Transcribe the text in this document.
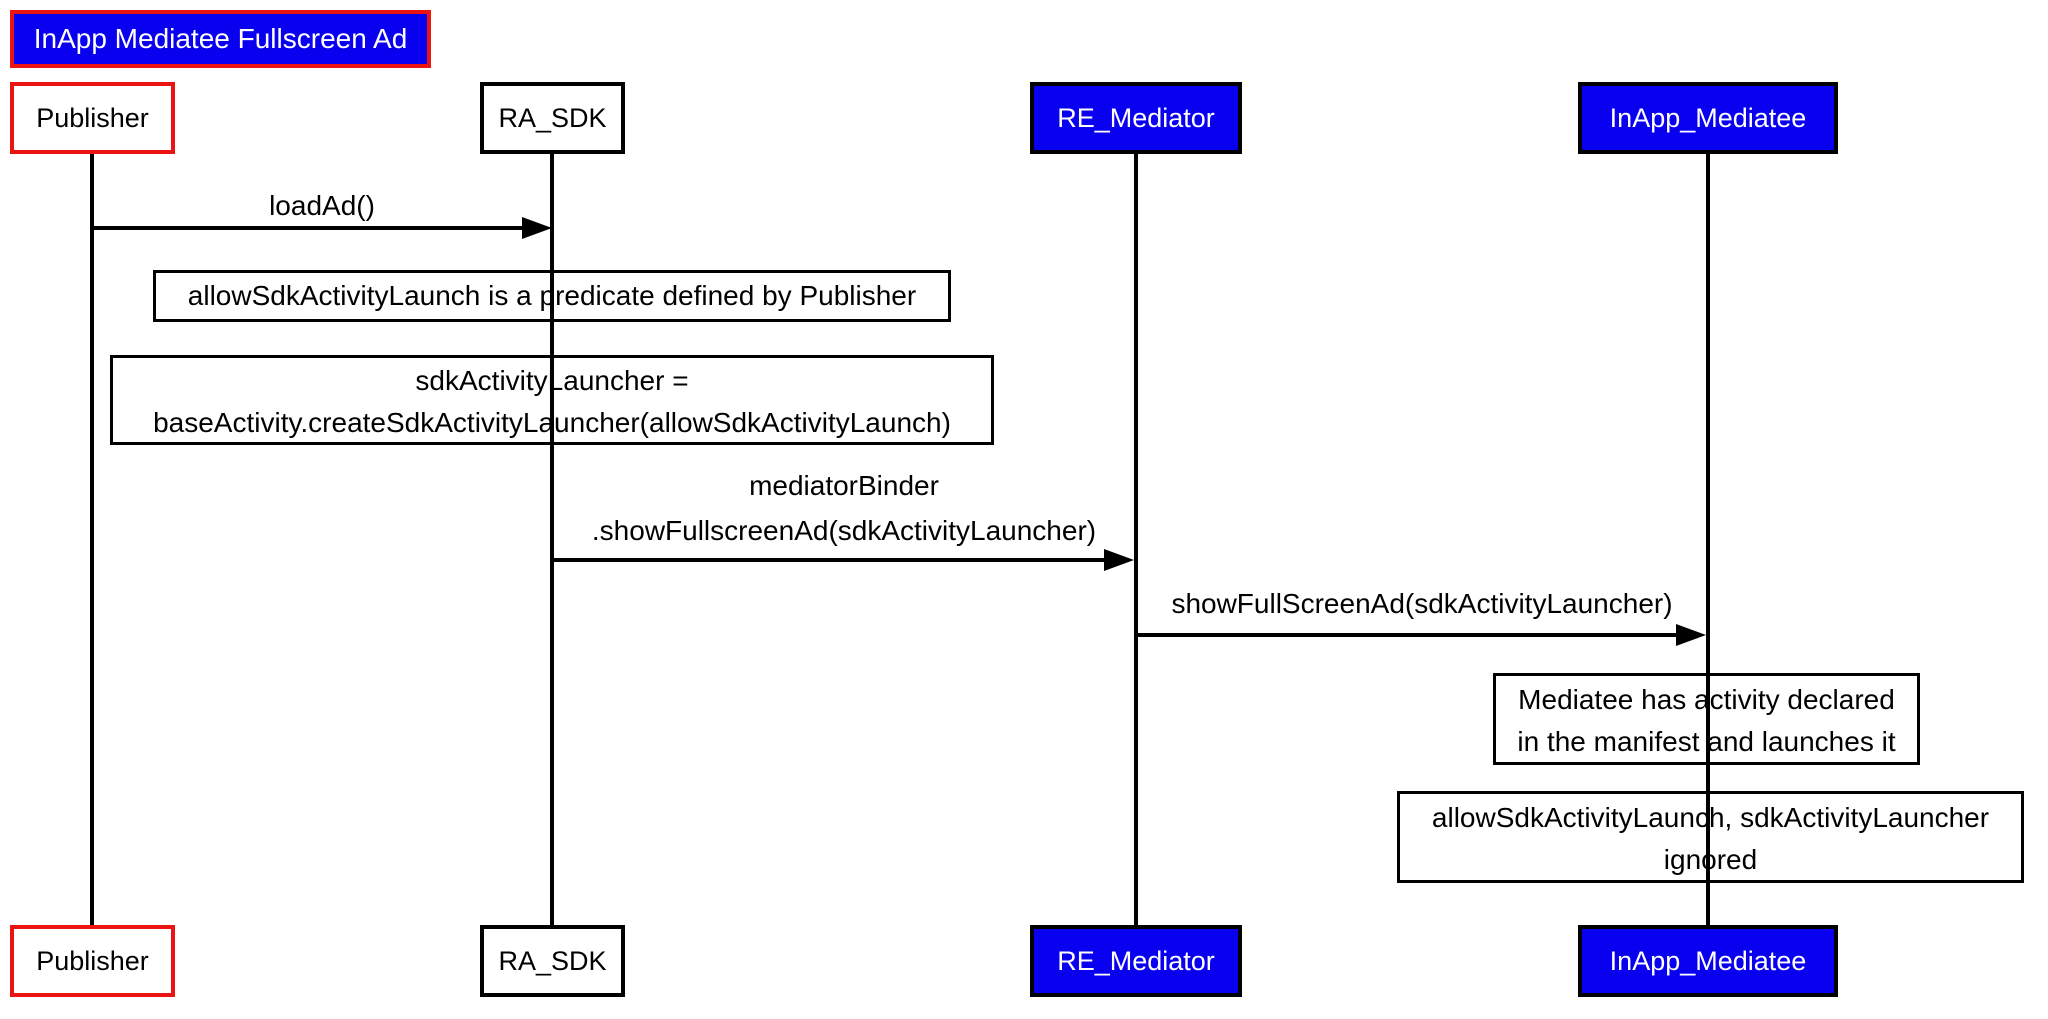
InApp Mediatee Fullscreen Ad
Publisher	RA_SDK	RE_Mediator	InApp_Mediatee
loadAd()
allowSdkActivityLaunch is a predicate defined by Publisher
sdkActivityLauncher =
baseActivity.createSdkActivityLauncher(allowSdkActivityLaunch)
mediatorBinder
.showFullscreenAd(sdkActivityLauncher)
showFullScreenAd(sdkActivityLauncher)
Mediatee has activity declared
in the manifest and launches it
allowSdkActivityLaunch, sdkActivityLauncher
ignored
Publisher	RA_SDK	RE_Mediator	InApp_Mediatee
